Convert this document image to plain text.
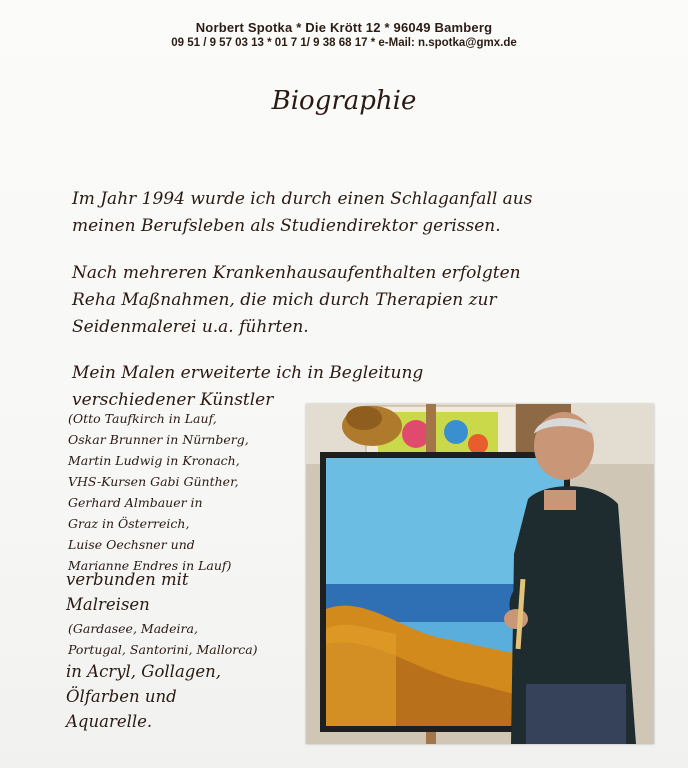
Norbert Spotka * Die Krött 12 * 96049 Bamberg
09 51 / 9 57 03 13 * 01 7 1/ 9 38 68 17 * e-Mail: n.spotka@gmx.de
Biographie
Im Jahr 1994 wurde ich durch einen Schlaganfall aus
meinen Berufsleben als Studiendirektor gerissen.
Nach mehreren Krankenhausaufenthalten erfolgten
Reha Maßnahmen, die mich durch Therapien zur
Seidenmalerei u.a. führten.
Mein Malen erweiterte ich in Begleitung
verschiedener Künstler
(Otto Taufkirch in Lauf,
Oskar Brunner in Nürnberg,
Martin Ludwig in Kronach,
VHS-Kursen Gabi Günther,
Gerhard Almbauer in
Graz in Österreich,
Luise Oechsner und
Marianne Endres in Lauf)
verbunden mit
Malreisen
(Gardasee, Madeira,
Portugal, Santorini, Mallorca)
in Acryl, Gollagen,
Ölfarben und
Aquarelle.
